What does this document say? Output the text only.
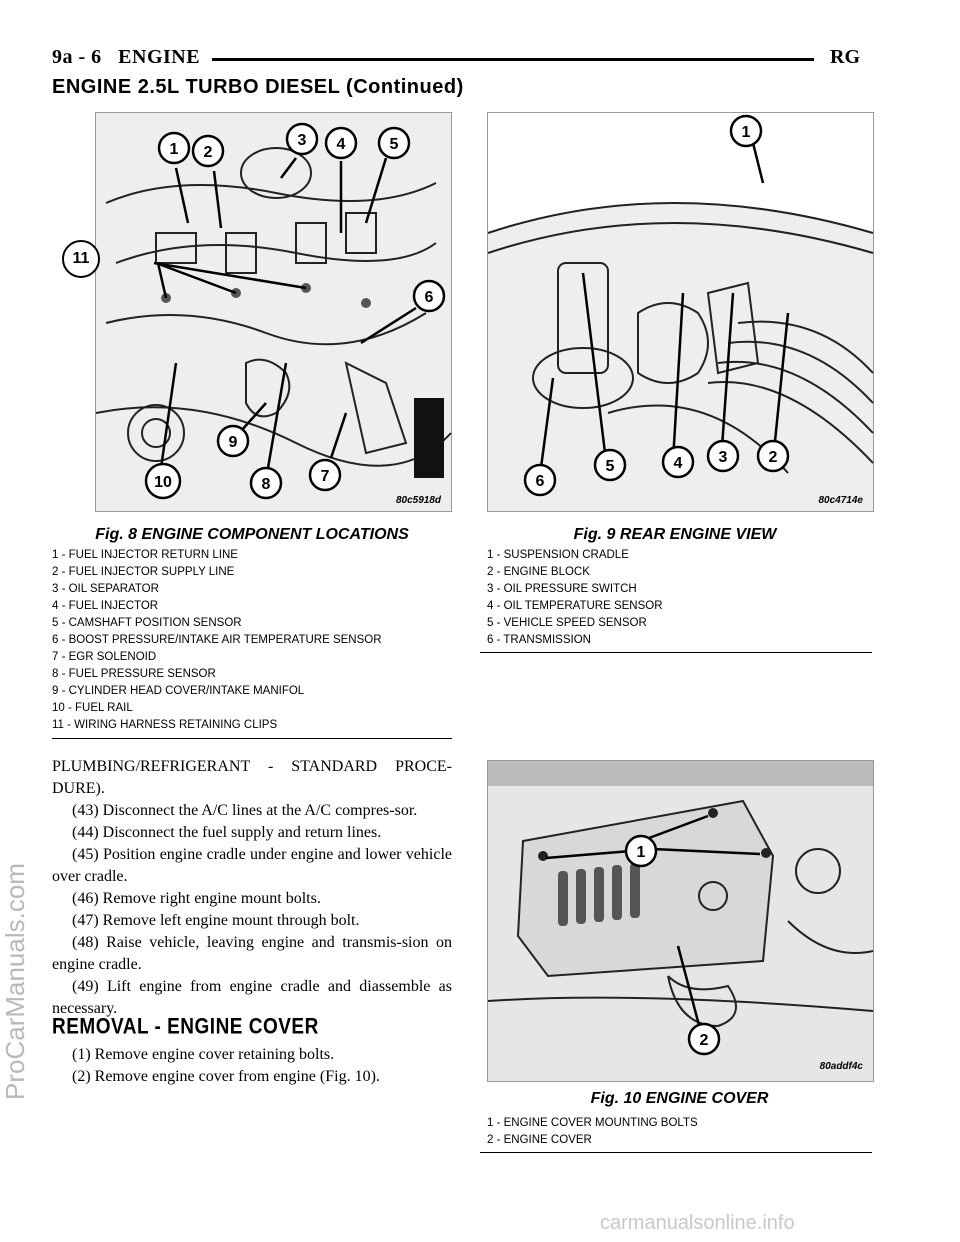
9a - 6 ENGINE	RG
ENGINE 2.5L TURBO DIESEL (Continued)
FWD
1 2
3 4	5
6
7
8
9
10
80c5918d
11
1
2
3
4
5
6
80c4714e
Fig. 8 ENGINE COMPONENT LOCATIONS
1 - FUEL INJECTOR RETURN LINE
2 - FUEL INJECTOR SUPPLY LINE
3 - OIL SEPARATOR
4 - FUEL INJECTOR
5 - CAMSHAFT POSITION SENSOR
6 - BOOST PRESSURE/INTAKE AIR TEMPERATURE SENSOR
7 - EGR SOLENOID
8 - FUEL PRESSURE SENSOR
9 - CYLINDER HEAD COVER/INTAKE MANIFOL
10 - FUEL RAIL
11 - WIRING HARNESS RETAINING CLIPS
Fig. 9 REAR ENGINE VIEW
1 - SUSPENSION CRADLE
2 - ENGINE BLOCK
3 - OIL PRESSURE SWITCH
4 - OIL TEMPERATURE SENSOR
5 - VEHICLE SPEED SENSOR
6 - TRANSMISSION

PLUMBING/REFRIGERANT - STANDARD PROCE-DURE).

(43) Disconnect the A/C lines at the A/C compres-sor.

(44) Disconnect the fuel supply and return lines.

(45) Position engine cradle under engine and lower vehicle over cradle.

(46) Remove right engine mount bolts.

(47) Remove left engine mount through bolt.

(48) Raise vehicle, leaving engine and transmis-sion on engine cradle.

(49) Lift engine from engine cradle and diassemble as necessary.

REMOVAL - ENGINE COVER

(1) Remove engine cover retaining bolts.

(2) Remove engine cover from engine (Fig. 10).

1
2
80addf4c
Fig. 10 ENGINE COVER
1 - ENGINE COVER MOUNTING BOLTS
2 - ENGINE COVER
ProCarManuals.com
carmanualsonline.info
